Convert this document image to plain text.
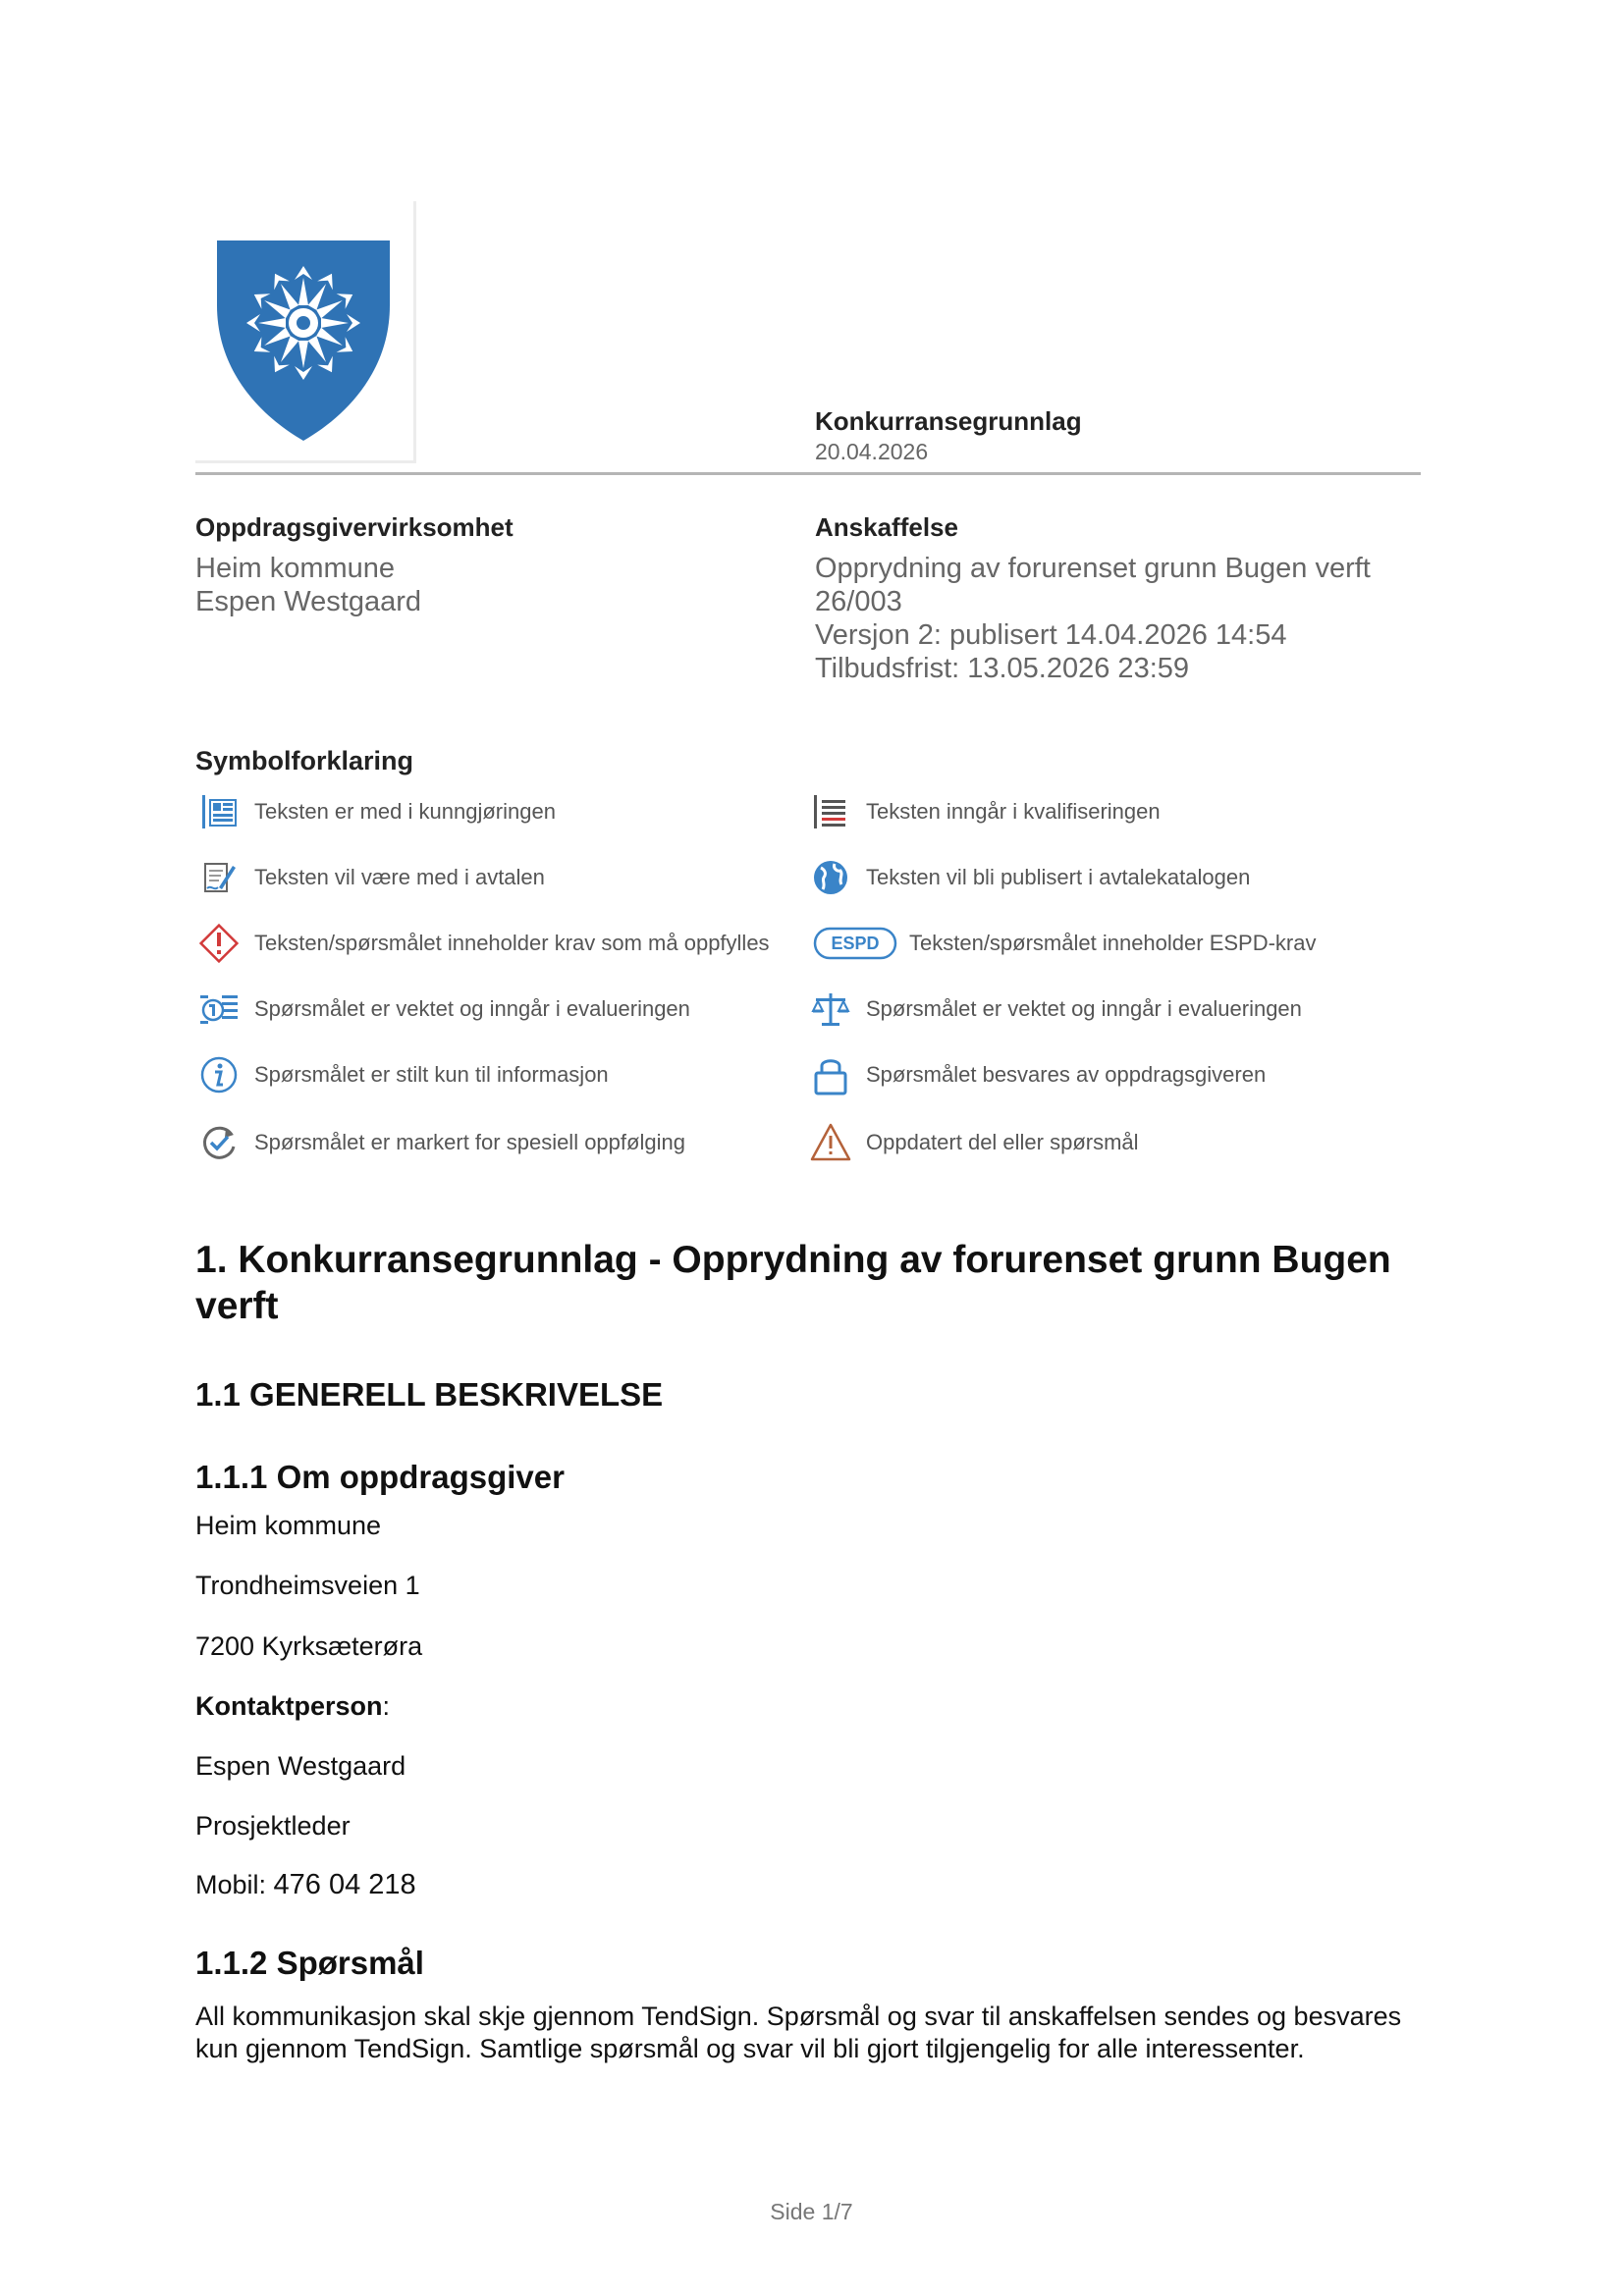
Konkurransegrunnlag
20.04.2026
Oppdragsgivervirksomhet
Heim kommune
Espen Westgaard
Anskaffelse
Opprydning av forurenset grunn Bugen verft
26/003
Versjon 2: publisert 14.04.2026 14:54
Tilbudsfrist: 13.05.2026 23:59
Symbolforklaring
Teksten er med i kunngjøringen	Teksten inngår i kvalifiseringen
Teksten vil være med i avtalen	Teksten vil bli publisert i avtalekatalogen
Teksten/spørsmålet inneholder krav som må oppfylles	ESPD Teksten/spørsmålet inneholder ESPD-krav
Spørsmålet er vektet og inngår i evalueringen	Spørsmålet er vektet og inngår i evalueringen
Spørsmålet er stilt kun til informasjon	Spørsmålet besvares av oppdragsgiveren
Spørsmålet er markert for spesiell oppfølging	Oppdatert del eller spørsmål
1. Konkurransegrunnlag - Opprydning av forurenset grunn Bugen verft
1.1 GENERELL BESKRIVELSE
1.1.1 Om oppdragsgiver
Heim kommune
Trondheimsveien 1
7200 Kyrksæterøra
Kontaktperson:
Espen Westgaard
Prosjektleder
Mobil: 476 04 218
1.1.2 Spørsmål
All kommunikasjon skal skje gjennom TendSign. Spørsmål og svar til anskaffelsen sendes og besvares kun gjennom TendSign. Samtlige spørsmål og svar vil bli gjort tilgjengelig for alle interessenter.
Side 1/7
